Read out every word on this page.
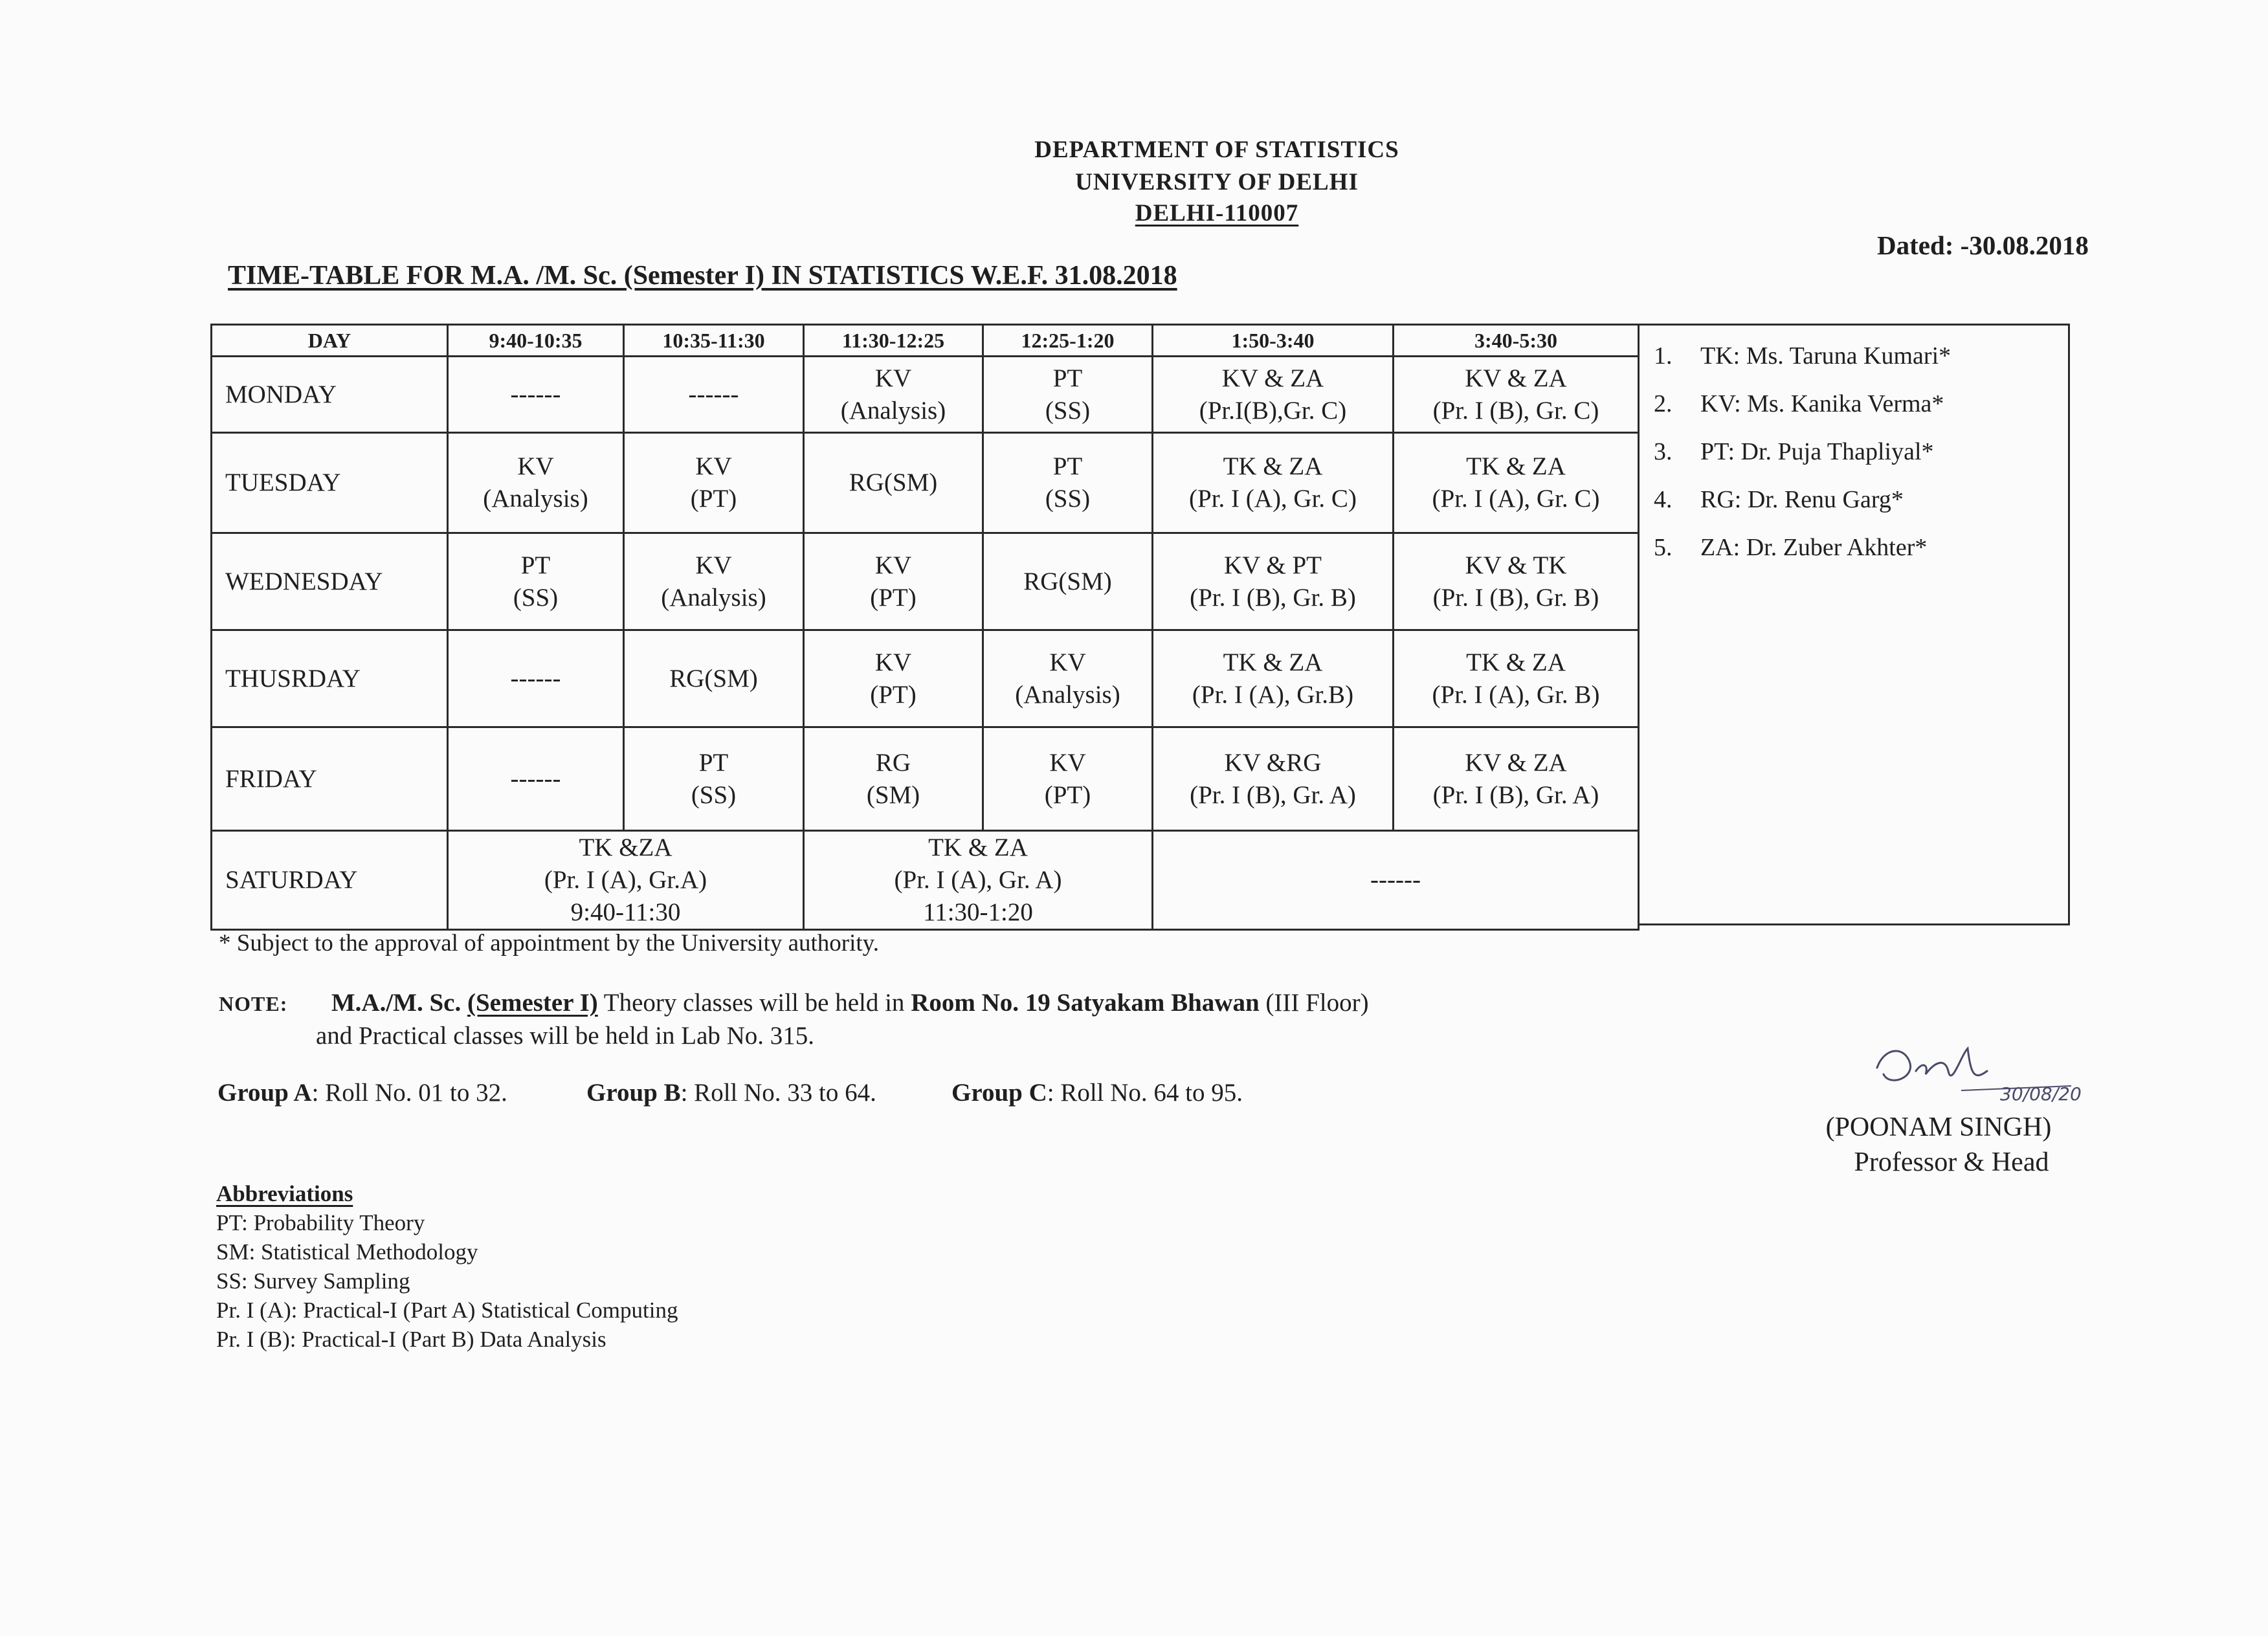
DEPARTMENT OF STATISTICS
UNIVERSITY OF DELHI
DELHI-110007
Dated: -30.08.2018
TIME-TABLE FOR M.A. /M. Sc. (Semester I) IN STATISTICS W.E.F. 31.08.2018
DAY	9:40-10:35	10:35-11:30	11:30-12:25	12:25-1:20	1:50-3:40	3:40-5:30
MONDAY	------	------	KV
(Analysis)	PT
(SS)	KV & ZA
(Pr.I(B),Gr. C)	KV & ZA
(Pr. I (B), Gr. C)

TUESDAY	KV
(Analysis)	KV
(PT)	RG(SM)	PT
(SS)	TK & ZA
(Pr. I (A), Gr. C)	TK & ZA
(Pr. I (A), Gr. C)

WEDNESDAY	PT
(SS)	KV
(Analysis)	KV
(PT)	RG(SM)	KV & PT
(Pr. I (B), Gr. B)	KV & TK
(Pr. I (B), Gr. B)

THUSRDAY	------	RG(SM)	KV
(PT)	KV
(Analysis)	TK & ZA
(Pr. I (A), Gr.B)	TK & ZA
(Pr. I (A), Gr. B)

FRIDAY	------	PT
(SS)	RG
(SM)	KV
(PT)	KV &RG
(Pr. I (B), Gr. A)	KV & ZA
(Pr. I (B), Gr. A)

SATURDAY	TK &ZA
(Pr. I (A), Gr.A)
9:40-11:30		TK & ZA
(Pr. I (A), Gr. A)
11:30-1:20		------	
1. TK: Ms. Taruna Kumari*
2. KV: Ms. Kanika Verma*
3. PT: Dr. Puja Thapliyal*
4. RG: Dr. Renu Garg*
5. ZA: Dr. Zuber Akhter*
* Subject to the approval of appointment by the University authority.
NOTE: M.A./M. Sc. (Semester I) Theory classes will be held in Room No. 19 Satyakam Bhawan (III Floor)
and Practical classes will be held in Lab No. 315.
Group A: Roll No. 01 to 32.	Group B: Roll No. 33 to 64.	Group C: Roll No. 64 to 95.
Abbreviations
PT: Probability Theory
SM: Statistical Methodology
SS: Survey Sampling
Pr. I (A): Practical-I (Part A) Statistical Computing
Pr. I (B): Practical-I (Part B) Data Analysis
30/08/20
(POONAM SINGH)
Professor & Head
